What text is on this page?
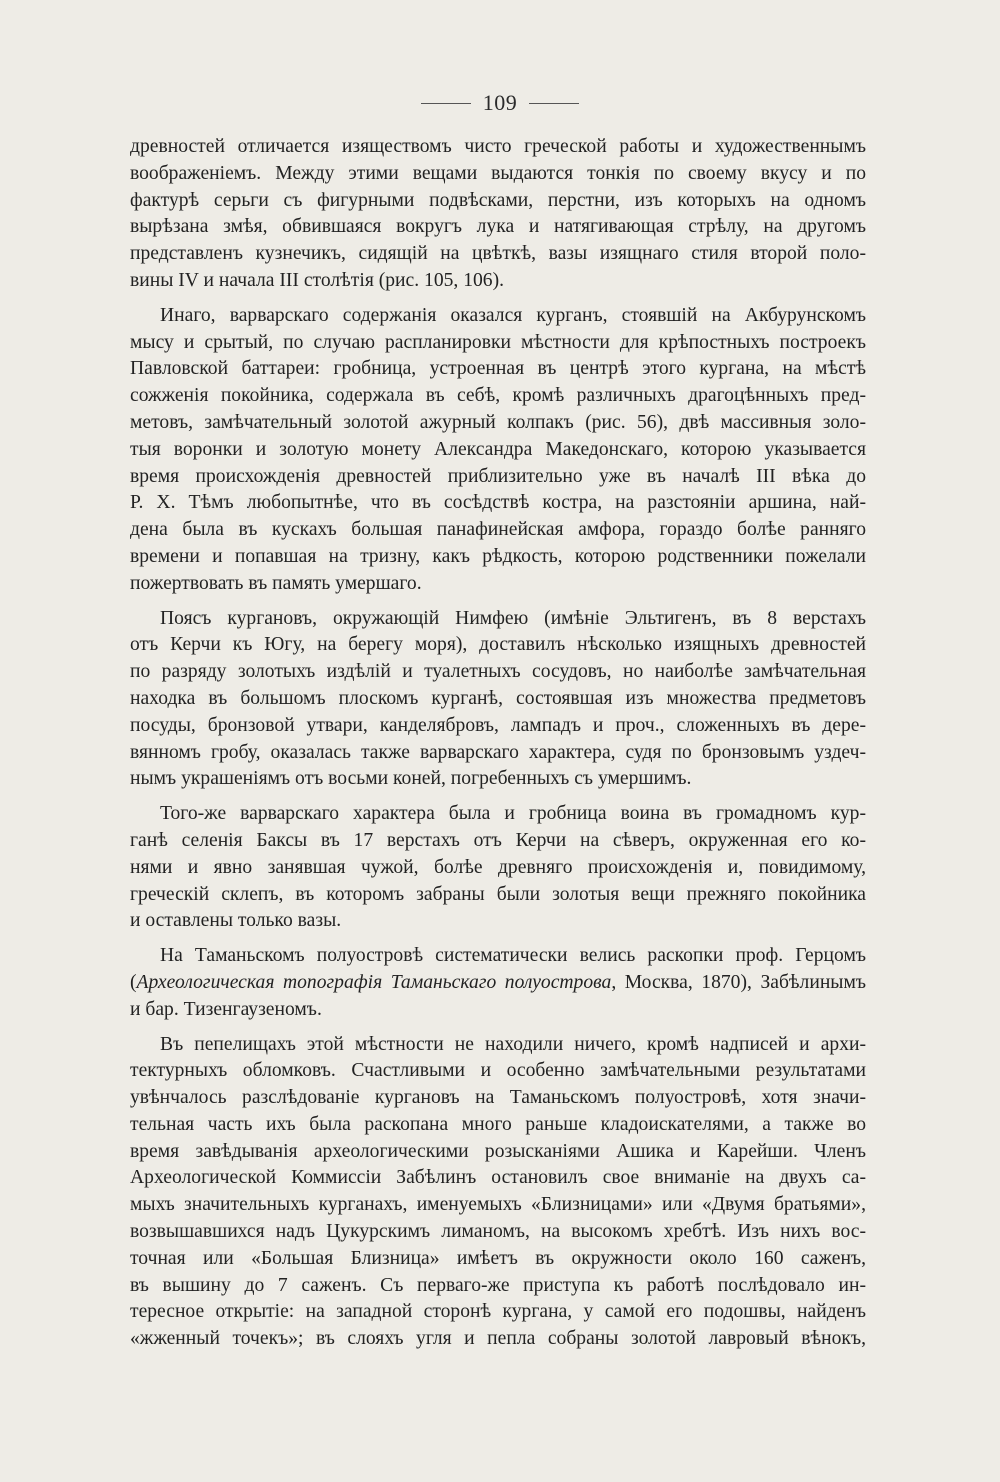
109
древностей отличается изяществомъ чисто греческой работы и художественнымъ
воображеніемъ. Между этими вещами выдаются тонкія по своему вкусу и по
фактурѣ серьги съ фигурными подвѣсками, перстни, изъ которыхъ на одномъ
вырѣзана змѣя, обвившаяся вокругъ лука и натягивающая стрѣлу, на другомъ
представленъ кузнечикъ, сидящій на цвѣткѣ, вазы изящнаго стиля второй поло-
вины IV и начала III столѣтія (рис. 105, 106).
Инаго, варварскаго содержанія оказался курганъ, стоявшій на Акбурунскомъ
мысу и срытый, по случаю распланировки мѣстности для крѣпостныхъ построекъ
Павловской баттареи: гробница, устроенная въ центрѣ этого кургана, на мѣстѣ
сожженія покойника, содержала въ себѣ, кромѣ различныхъ драгоцѣнныхъ пред-
метовъ, замѣчательный золотой ажурный колпакъ (рис. 56), двѣ массивныя золо-
тыя воронки и золотую монету Александра Македонскаго, которою указывается
время происхожденія древностей приблизительно уже въ началѣ III вѣка до
Р. Х. Тѣмъ любопытнѣе, что въ сосѣдствѣ костра, на разстояніи аршина, най-
дена была въ кускахъ большая панафинейская амфора, гораздо болѣе ранняго
времени и попавшая на тризну, какъ рѣдкость, которою родственники пожелали
пожертвовать въ память умершаго.
Поясъ кургановъ, окружающій Нимфею (имѣніе Эльтигенъ, въ 8 верстахъ
отъ Керчи къ Югу, на берегу моря), доставилъ нѣсколько изящныхъ древностей
по разряду золотыхъ издѣлій и туалетныхъ сосудовъ, но наиболѣе замѣчательная
находка въ большомъ плоскомъ курганѣ, состоявшая изъ множества предметовъ
посуды, бронзовой утвари, канделябровъ, лампадъ и проч., сложенныхъ въ дере-
вянномъ гробу, оказалась также варварскаго характера, судя по бронзовымъ уздеч-
нымъ украшеніямъ отъ восьми коней, погребенныхъ съ умершимъ.
Того-же варварскаго характера была и гробница воина въ громадномъ кур-
ганѣ селенія Баксы въ 17 верстахъ отъ Керчи на сѣверъ, окруженная его ко-
нями и явно занявшая чужой, болѣе древняго происхожденія и, повидимому,
греческій склепъ, въ которомъ забраны были золотыя вещи прежняго покойника
и оставлены только вазы.
На Таманьскомъ полуостровѣ систематически велись раскопки проф. Герцомъ
(Археологическая топографія Таманьскаго полуострова, Москва, 1870), Забѣлинымъ
и бар. Тизенгаузеномъ.
Въ пепелищахъ этой мѣстности не находили ничего, кромѣ надписей и архи-
тектурныхъ обломковъ. Счастливыми и особенно замѣчательными результатами
увѣнчалось разслѣдованіе кургановъ на Таманьскомъ полуостровѣ, хотя значи-
тельная часть ихъ была раскопана много раньше кладоискателями, а также во
время завѣдыванія археологическими розысканіями Ашика и Карейши. Членъ
Археологической Коммиссіи Забѣлинъ остановилъ свое вниманіе на двухъ са-
мыхъ значительныхъ курганахъ, именуемыхъ «Близницами» или «Двумя братьями»,
возвышавшихся надъ Цукурскимъ лиманомъ, на высокомъ хребтѣ. Изъ нихъ вос-
точная или «Большая Близница» имѣетъ въ окружности около 160 саженъ,
въ вышину до 7 саженъ. Съ перваго-же приступа къ работѣ послѣдовало ин-
тересное открытіе: на западной сторонѣ кургана, у самой его подошвы, найденъ
«жженный точекъ»; въ слояхъ угля и пепла собраны золотой лавровый вѣнокъ,
